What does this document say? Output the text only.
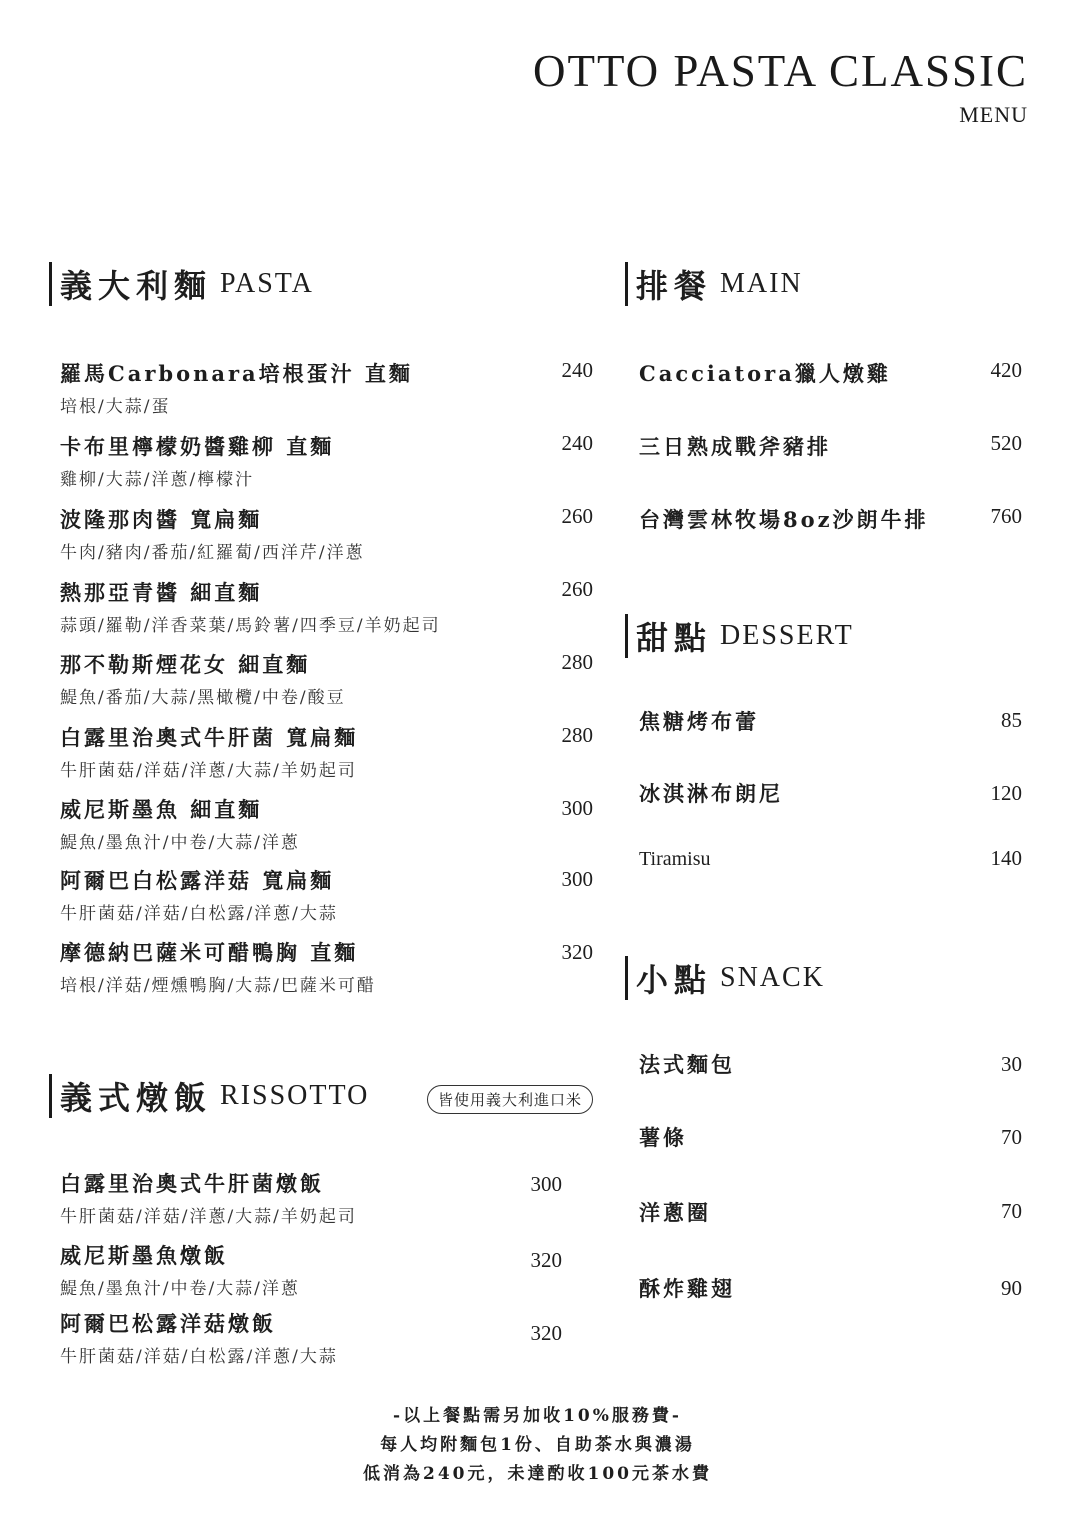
OTTO PASTA CLASSIC
MENU
義大利麵 PASTA
羅馬Carbonara培根蛋汁 直麵
培根/大蒜/蛋
240
卡布里檸檬奶醬雞柳 直麵
雞柳/大蒜/洋蔥/檸檬汁
240
波隆那肉醬 寬扁麵
牛肉/豬肉/番茄/紅羅蔔/西洋芹/洋蔥
260
熱那亞青醬 細直麵
蒜頭/羅勒/洋香菜葉/馬鈴薯/四季豆/羊奶起司
260
那不勒斯煙花女 細直麵
鯷魚/番茄/大蒜/黑橄欖/中卷/酸豆
280
白露里治奧式牛肝菌 寬扁麵
牛肝菌菇/洋菇/洋蔥/大蒜/羊奶起司
280
威尼斯墨魚 細直麵
鯷魚/墨魚汁/中卷/大蒜/洋蔥
300
阿爾巴白松露洋菇 寬扁麵
牛肝菌菇/洋菇/白松露/洋蔥/大蒜
300
摩德納巴薩米可醋鴨胸 直麵
培根/洋菇/煙燻鴨胸/大蒜/巴薩米可醋
320
義式燉飯 RISSOTTO	皆使用義大利進口米
白露里治奧式牛肝菌燉飯
牛肝菌菇/洋菇/洋蔥/大蒜/羊奶起司
300
威尼斯墨魚燉飯
鯷魚/墨魚汁/中卷/大蒜/洋蔥
320
阿爾巴松露洋菇燉飯
牛肝菌菇/洋菇/白松露/洋蔥/大蒜
320
排餐 MAIN
Cacciatora獵人燉雞	420
三日熟成戰斧豬排	520
台灣雲林牧場8oz沙朗牛排	760
甜點 DESSERT
焦糖烤布蕾	85
冰淇淋布朗尼	120
Tiramisu	140
小點 SNACK
法式麵包	30
薯條	70
洋蔥圈	70
酥炸雞翅	90
-以上餐點需另加收10%服務費-
每人均附麵包1份、自助茶水與濃湯
低消為240元，未達酌收100元茶水費
